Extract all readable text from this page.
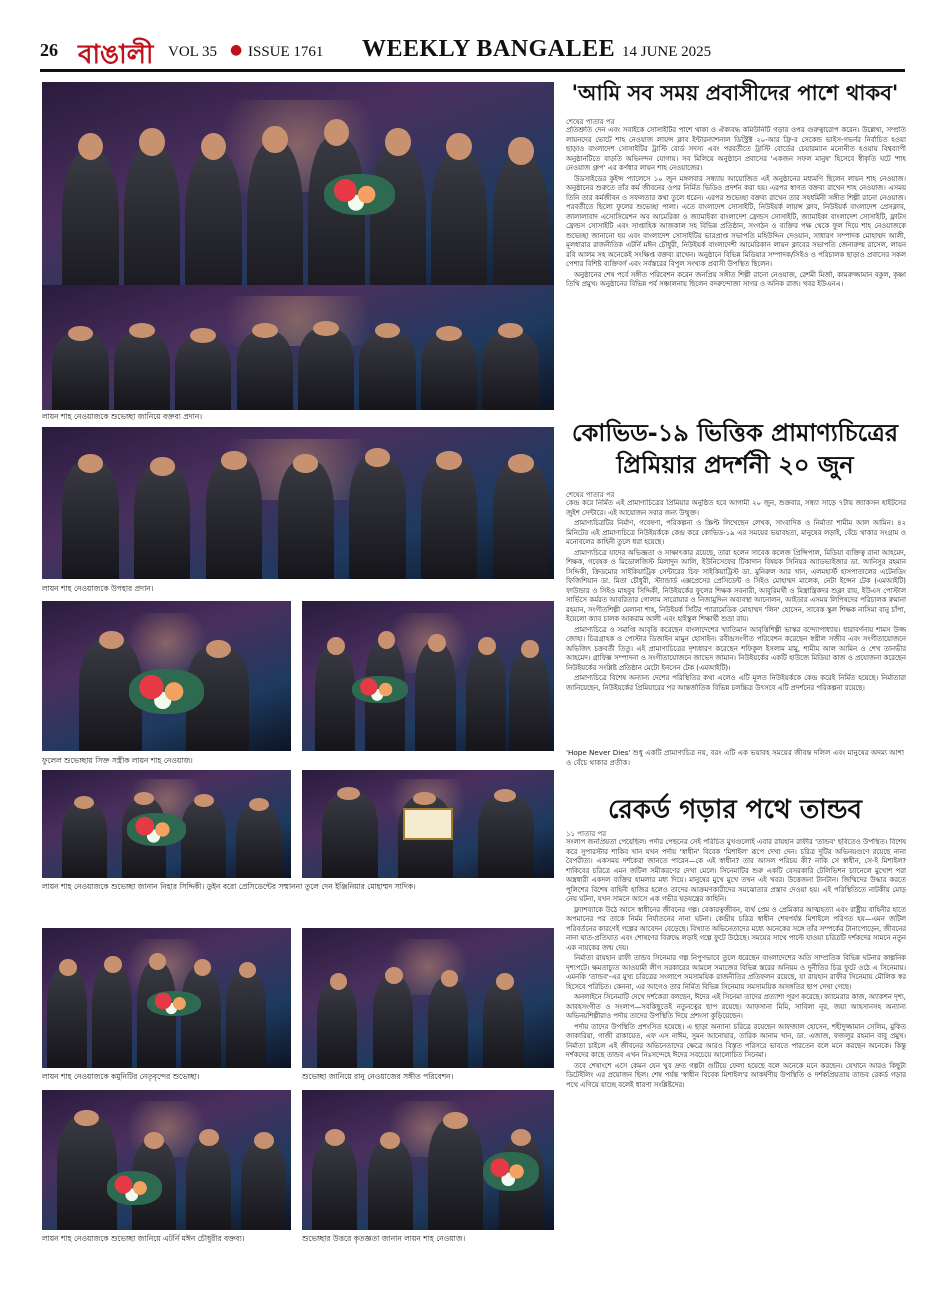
26 বাঙালী VOL 35 ● ISSUE 1761 WEEKLY BANGALEE 14 JUNE 2025
লায়ন শাহ নেওয়াজকে শুভেচ্ছা জানিয়ে বক্তব্য প্রদান।
লায়ন শাহ নেওয়াজকে উপহার প্রদান।
ফুলেল শুভেচ্ছায় সিক্ত সস্ত্রীক লায়ন শাহ নেওয়াজ।
লায়ন শাহ নেওয়াজকে শুভেচ্ছা জানান নিহার সিদ্দিকী। ডুইন বরো প্রেসিডেন্টের সম্মাননা তুলে দেন ইঞ্জিনিয়ার মোহাম্মদ সাদিক।
লায়ন শাহ নেওয়াজকে কমুনিটির নেতৃবৃন্দের শুভেচ্ছা।	শুভেচ্ছা জানিয়ে রানু নেওয়াজের সঙ্গীত পরিবেশন।
লায়ন শাহ নেওয়াজকে শুভেচ্ছা জানিয়ে এটর্নি মঈন চৌধুরীর বক্তব্য।	শুভেচ্ছার উত্তরে কৃতজ্ঞতা জানান লায়ন শাহ নেওয়াজ।
'আমি সব সময় প্রবাসীদের পাশে থাকব'
শেষের পাতার পর

প্রতিশ্রুতি দেন এবং সবাইকে সোসাইটির পাশে থাকা ও ঐক্যবদ্ধ কমিউনিটি গড়ার ওপর গুরুত্বারোপ করেন। উল্লেখ্য, সম্প্রতি লায়নদের ভোটে শাহ নেওয়াজ লায়ন্স ক্লাব ইন্টারন্যাশনাল ডিস্ট্রিক্ট ২০-আর ফ্রি-র সেকেন্ড ভাইস-গভর্নর নির্বাচিত হওয়া ছাড়াও বাংলাদেশ সোসাইটির ট্রাস্টি বোর্ড সদস্য এবং পরবর্তীতে ট্রাস্টি বোর্ডের চেয়ারম্যান মনোনীত হওয়ায় বিশ্বব্যাপী অনুষ্ঠানটিতে বাড়তি অভিনন্দন যোগায়। সব মিলিয়ে অনুষ্ঠানে প্রবাসের 'একজন সফল মানুষ' হিসেবে স্বীকৃতি ঘটে 'শাহ নেওয়াজ গ্রুপ' এর কর্ণধার লায়ন শাহ নেওয়াজের।

উডসাইডের কুইন্স প্যালেসে ১০ জুন মঙ্গলবার সন্ধ্যায় আয়োজিত এই অনুষ্ঠানের মধ্যমণি ছিলেন লায়ন শাহ নেওয়াজ। অনুষ্ঠানের শুরুতে তাঁর কর্ম জীবনের ওপর নির্মিত ভিডিও প্রদর্শন করা হয়। এরপর স্বাগত বক্তব্য রাখেন শাহ নেওয়াজ। এসময় তিনি তার কর্মজীবন ও সফলতার কথা তুলে ধরেন। এরপর শুভেচ্ছা বক্তব্য রাখেন তার সহধর্মিনী সঙ্গীত শিল্পী রানো নেওয়াজ। পরবর্তীতে ছিলো ফুলের শুভেচ্ছা পালা। এতে বাংলাদেশ সোসাইটি, নিউইয়র্ক লায়ন্স ক্লাব, নিউইয়র্ক বাংলাদেশ প্রেসক্লাব, জালালাবাদ এসোসিয়েশন অব আমেরিকা ও জ্যামাইকা বাংলাদেশ ফ্রেন্ডস সোসাইটি, জ্যামাইকা বাংলাদেশ সোসাইটি, ফ্লাটস ফ্রেন্ডস সোসাইটি এবং সাপ্তাহিক আজকাল সহ বিভিন্ন প্রতিষ্ঠান, সংগঠন ও ব্যক্তির পক্ষ থেকে ফুল দিয়ে শাহ নেওয়াজকে শুভেচ্ছা জানানো হয় এবং বাংলাদেশ সোসাইটির ভারপ্রাপ্ত সভাপতি মহিউদ্দিন দেওয়ান, সাধারণ সম্পাদক মোহাম্মদ আলী, মূলধারার রাজনীতিক এটর্নি মঈন চৌধুরী, নিউইয়র্ক বাংলাদেশী আমেরিকান লায়ন ক্লাবের সভাপতি জেনারুল্ম রাসেল, লায়ন রবি আলম সহ অনেকেই সংক্ষিপ্ত বক্তব্য রাখেন। অনুষ্ঠানে বিভিন্ন মিডিয়ার সম্পাদক/সিইও ও পরিচালক ছাড়াও প্রবাসের সকল পেশার বিশিষ্ট ব্যক্তিবর্গ এবং সর্বস্তরের বিপুল সংখ্যক প্রবাসী উপস্থিত ছিলেন।

অনুষ্ঠানের শেষ পর্বে সঙ্গীত পরিবেশন করেন জনপ্রিয় সঙ্গীত শিল্পী রানো নেওয়াজ, রেশমী মির্জা, কামরুজ্জামান বকুল, কৃষ্ণা তিথি প্রমুখ। অনুষ্ঠানের বিভিন্ন পর্ব সঞ্চালনায় ছিলেন বদরুন্দোজা সাগর ও অনিক রাজ। খবর ইউএনএ।

কোভিড-১৯ ভিত্তিক প্রামাণ্যচিত্রের
প্রিমিয়ার প্রদর্শনী ২০ জুন
শেষের পাতার পর

কেন্দ্র করে নির্মিত এই প্রামাণ্যচিত্রের প্রিমিয়ার অনুষ্ঠিত হবে আগামী ২০ জুন, শুক্রবার, সন্ধ্যা সাড়ে ৭টায় জ্যাকসন হাইটসের জুইশ সেন্টারে। এই আয়োজন সবার জন্য উন্মুক্ত।

প্রামাণ্যচিত্রটির নির্মাণ, গবেষণা, পরিকল্পনা ও স্ক্রিপ্ট লিখেছেন লেখক, সাংবাদিক ও নির্মাতা শামীম আল আমিন। ৪২ মিনিটের এই প্রামাণ্যচিত্রে নিউইয়র্ককে কেন্দ্র করে কোভিড-১৯ এর সময়ের ভয়াবহতা, মানুষের লড়াই, বেঁচে থাকার সংগ্রাম ও মনোবলের কাহিনী তুলে ধরা হয়েছে।

প্রামাণ্যচিত্রে যাদের অভিজ্ঞতা ও সাক্ষাৎকার রয়েছে, তারা হলেন সাবেক কলেজ প্রিন্সিপাল, মিডিয়া ব্যক্তিত্ব রানা আহমেদ, শিক্ষক, গবেষক ও মিডোলজিস্ট মিলাদুন আলি, ইউনিসেফের টিকাদান বিষয়ক সিনিয়র অ্যাডভাইজার ডা. আনিসুর রহমান সিদ্দিকী, ক্রিডমোর সাইকিয়াট্রিক সেন্টারের চিফ সাইকিয়াট্রিস্ট ডা. মুনিরুল আর খান, এলমহার্স্ট হাসপাতালের এটেনডিং ফিজিশিয়ান ডা. মিতা চৌধুরী, স্ট্যান্ডার্ড এক্সপ্রেসের প্রেসিডেন্ট ও সিইও মোহাম্মদ মালেক, নেটা ইন্সেন টেক (এমআইটি) ফাউন্ডার ও সিইও মাহবুব সিদ্দিকী, নিউইয়র্কের ফুলের শিক্ষক সবনারী, আবুরিমর্থী ও মিস্ত্রান্ত্রিকদর শুক্লা রায়, ইউএস পোস্টাল সার্ভিসে কর্মরত আবরিতার গোলাম সারোয়ার ও নিজামুদ্দিন অব্যবস্থা আনোলন, আইডার এসময় লিপিষদের পরিচালক রুমানা রহমান, সংগীতশিল্পী মেলানা শাহ, নিউইয়র্ক সিটির প্যারামেডিক মোহাম্মদ 'লিন' হোসেন, সাবেক স্কুল শিক্ষক নাসিমা বানু চাঁপা, ইয়েলো ক্যাব চালক আকরাম আলী এবং হাইস্কুল শিক্ষার্থী শুভ্রা রায়।

প্রামাণ্যচিত্রে ও সমাপ্তি আবৃত্তি করেছেন বাংলাদেশের খ্যাতিমান আবৃত্তিশিল্পী ভাস্কর বন্দ্যোপাধ্যায়। ধারাবর্ণনায় শামস উজ্জ জোহা। চিত্রগ্রাহক ও পোস্টার ডিজাইন মামুন হোসাইন। রবীন্দ্রসংগীত পরিবেশন করেছেন স্বপ্নীল সজীব এবং সংগীতায়োজনে অভিজিৎ চক্রবর্তী তিতু। এই প্রামাণ্যচিত্রের দৃশ্যধারণ করেছেন শফিকুল ইসলাম মামু, শামীম আল আমিন ও শেখ তানভীর আহমেদ। গ্রাফিক্স সম্পাদনা ও সংগীতায়োজনে জাভেদ জামান। নিউইয়র্কের একটি হাউজে মিডিয়া কাজ ও প্রযোজনা করেছেন নিউইয়র্কের সংশ্লিষ্ট প্রতিষ্ঠান মেটো ইনসেন টেক (এমআইটি)।

প্রামাণ্যচিত্রে বিশেষ অন্যান্য দেশের পরিস্থিতির কথা এলেও এটি মূলত নিউইয়র্ককে কেন্দ্র করেই নির্মিত হয়েছে। নির্মাতারা জানিয়েছেন, নিউইয়র্কের প্রিমিয়ারের পর আন্তর্জাতিক বিভিন্ন চলচ্চিত্র উৎসবে এটি প্রদর্শনের পরিকল্পনা রয়েছে।

'Hope Never Dies' শুধু একটি প্রামাণ্যচিত্র নয়, বরং এটি এক ভয়াবহ সময়ের জীবন্ত দলিল এবং মানুষের অদম্য আশা ও বেঁচে থাকার প্রতীক।
রেকর্ড গড়ার পথে তান্ডব
১১ পাতার পর

সংলাপ জনপ্রিয়তা পেয়েছিল। পর্দার পেছনের সেই পরিচিত মুখগুলোই এবার রায়হান রাফীর 'তান্ডব' ছবিতেও উপস্থিত। বিশেষ করে সুপারস্টার শাকিব খান যখন পর্দায় 'স্বাধীন' বিবেক 'মিশাইল' রূপে দেখা দেন। চরিত্র দুটির অভিনয়গুণে রয়েছে নানা বৈপরীত্য। একসময় দর্শকেরা জানতে পারেন—কে এই স্বাধীন? তার আসল পরিচয় কী? নাকি সে স্বাধীন, সে-ই মিশাইল? শাকিবের চরিত্রে এমন জটিল সমীকরণের দেখা মেলে। সিনেমাটির শুরু একটি বেসরকারি টেলিভিশন চ্যানেলে মুখোশ পরা অস্ত্রধারী একদল ব্যক্তির হামলার মধ্য দিয়ে। মানুষের মুখে মুখে তখন এই খবর। উত্তেজনা টানটান। জিম্মিদের উদ্ধার করতে পুলিশের বিশেষ বাহিনী হাজির হলেও তাদের আক্রমণকারীদের সমঝোতার প্রস্তাব দেওয়া হয়। এই পরিস্থিতিতে নাটকীয় মোড় নেয় ঘটনা, যখন সামনে আসে এক গভীর ষড়যন্ত্রের কাহিনি।

ফ্ল্যাশব্যাকে উঠে আসে স্বাধীনের জীবনের গল্প। বেকারত্বজীবন, ব্যর্থ প্রেম ও প্রেমিকার আত্মহত্যা এবং রাষ্ট্রীয় বাহিনীর হাতে অপমানের পর তাকে নির্মম নির্যাতনের নানা ঘটনা। কেন্দ্রীয় চরিত্র স্বাধীন শেষপর্যন্ত মিশাইলে পরিণত হয়—এমন জটিল পরিবর্তনের কারণেই গল্পের আবেদন বেড়েছে। বিখ্যাত অভিনেতাদের মধ্যে অনেকের সঙ্গে তাঁর সম্পর্কের টানাপোড়েন, জীবনের নানা ঘাত-প্রতিঘাত এবং শোষণের বিরুদ্ধে লড়াই গল্পে ফুটে উঠেছে। সময়ের সাথে পাল্টে যাওয়া চরিত্রটি দর্শকদের সামনে নতুন এক নায়কের জন্ম দেয়।

নির্মাতা রায়হান রাফী তান্ডব সিনেমার গল্প নিপুণভাবে তুলে ধরেছেন বাংলাদেশের অতি সাম্প্রতিক বিভিন্ন ঘটনার কাল্পনিক দৃশ্যপটে। ক্ষমতাচ্যুত আওয়ামী লীগ সরকারের আমলে সমাজের বিভিন্ন স্তরের অনিয়ম ও দুর্নীতির চিত্র ফুটে ওঠে এ সিনেমায়। এমনকি 'তান্ডব'-এর মুখ্য চরিত্রের সংলাপে সমসাময়িক রাজনীতির প্রতিফলন রয়েছে, যা রায়হান রাফীর সিনেমায় মৌলিক স্বর হিসেবে পরিচিত। কেননা, এর আগেও তার নির্মিত বিভিন্ন সিনেমায় সমসাময়িক অসঙ্গতির ছাপ দেখা গেছে।

অনলাইনে সিনেমাটি দেখে দর্শকেরা বলছেন, ঈদের এই সিনেমা তাদের প্রত্যাশা পূরণ করেছে। ক্যামেরার কাজ, অ্যাকশন দৃশ্য, আবহসংগীত ও সংলাপ—সবকিছুতেই নতুনত্বের ছাপ রয়েছে। আফসানা মিমি, সাবিলা নূর, জয়া আহসানসহ অন্যান্য অভিনয়শিল্পীরাও পর্দায় তাদের উপস্থিতি দিয়ে প্রশংসা কুড়িয়েছেন।

পর্দায় তাদের উপস্থিতি প্রশংসিত হয়েছে। এ ছাড়া অন্যান্য চরিত্রে রয়েছেন আফজাল হোসেন, শহীদুজ্জামান সেলিম, মুকিত জাকারিয়া, গাজী রাকায়েত, এফ এস নাঈম, সুমন আনোয়ার, তারিক আনাম খান, ডা. এজাজ, ফজলুর রহমান বাবু প্রমুখ। নির্মাতা চাইলে এই জীবনের অভিনেতাদের ক্ষেত্রে আরও বিস্তৃত পরিসরে ভাবতে পারতেন বলে মনে করছেন অনেকে। কিন্তু দর্শকদের কাছে তান্ডব এখন নিঃসন্দেহে ঈদের সবচেয়ে আলোচিত সিনেমা।

তবে শেষাংশে এসে কেমন যেন খুব দ্রুত গল্পটা গুটিয়ে ফেলা হয়েছে বলে অনেকে মনে করছেন। যেখানে আরও কিছুটা ডিটেইলিং এর প্রয়োজন ছিল। শেষ পর্যন্ত 'স্বাধীন বিবেক মিশাইল'র আকর্ষণীয় উপস্থিতি ও দর্শকপ্রিয়তায় তান্ডব রেকর্ড গড়ার পথে এগিয়ে যাচ্ছে বলেই ধারণা সংশ্লিষ্টদের।
